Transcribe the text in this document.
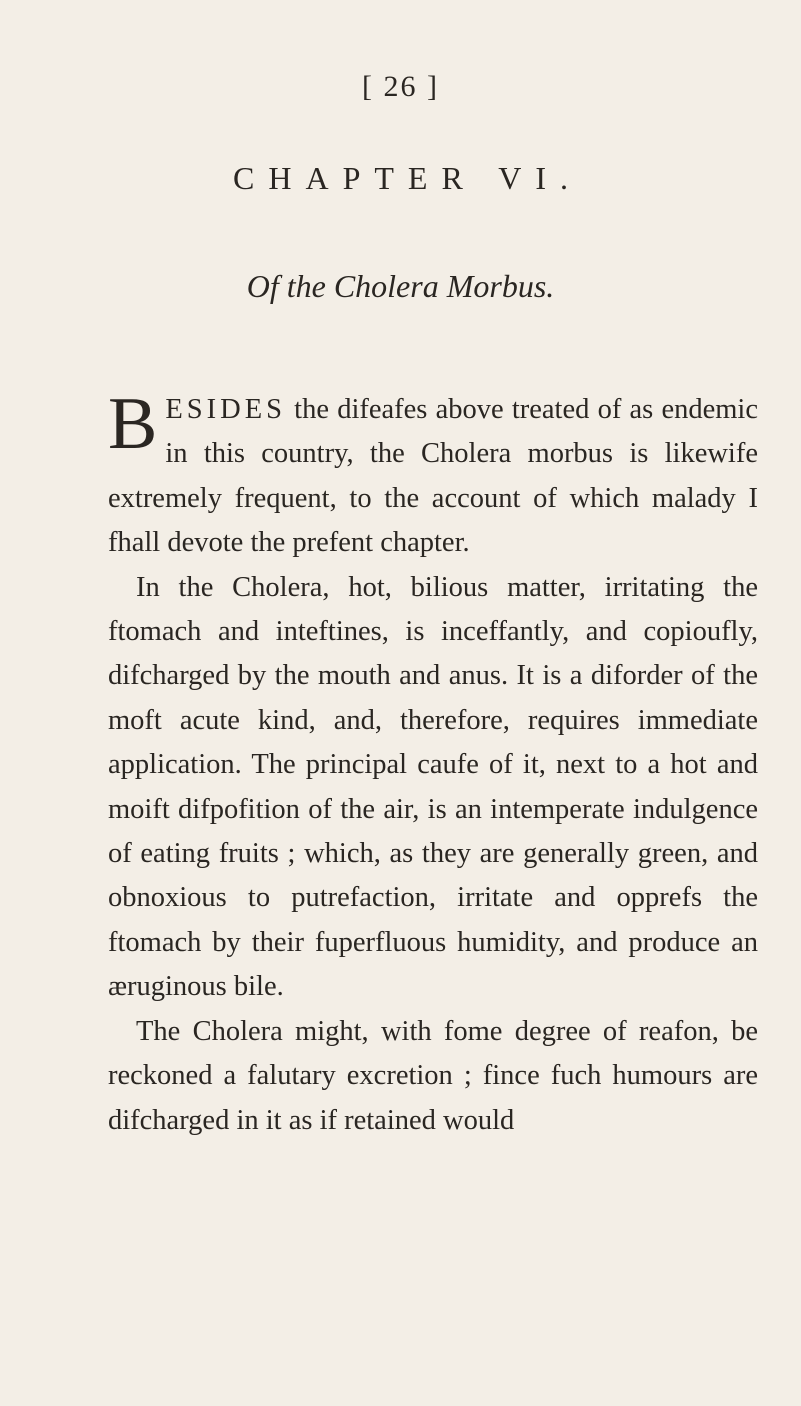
[ 26 ]
CHAPTER VI.
Of the Cholera Morbus.

BESIDES the difeafes above treated of as endemic in this country, the Cholera morbus is likewife extremely frequent, to the account of which malady I fhall devote the prefent chapter.

In the Cholera, hot, bilious matter, irritating the ftomach and inteftines, is inceffantly, and copioufly, difcharged by the mouth and anus. It is a diforder of the moft acute kind, and, therefore, requires immediate application. The principal caufe of it, next to a hot and moift difpofition of the air, is an intemperate indulgence of eating fruits ; which, as they are generally green, and obnoxious to putrefaction, irritate and opprefs the ftomach by their fuperfluous humidity, and produce an æruginous bile.

The Cholera might, with fome degree of reafon, be reckoned a falutary excretion ; fince fuch humours are difcharged in it as if retained would
